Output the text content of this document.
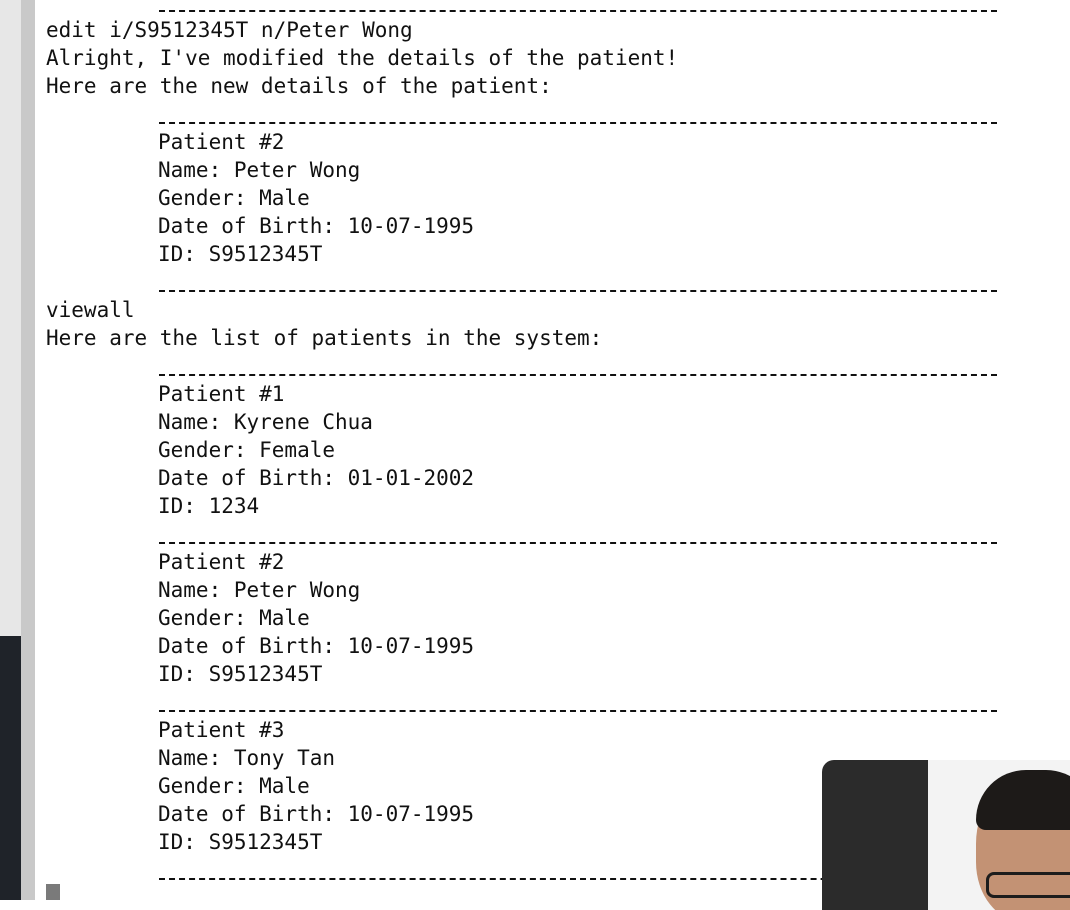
edit i/S9512345T n/Peter Wong
Alright, I've modified the details of the patient!
Here are the new details of the patient:
Patient #2
Name: Peter Wong
Gender: Male
Date of Birth: 10-07-1995
ID: S9512345T
viewall
Here are the list of patients in the system:
Patient #1
Name: Kyrene Chua
Gender: Female
Date of Birth: 01-01-2002
ID: 1234
Patient #2
Name: Peter Wong
Gender: Male
Date of Birth: 10-07-1995
ID: S9512345T
Patient #3
Name: Tony Tan
Gender: Male
Date of Birth: 10-07-1995
ID: S9512345T
